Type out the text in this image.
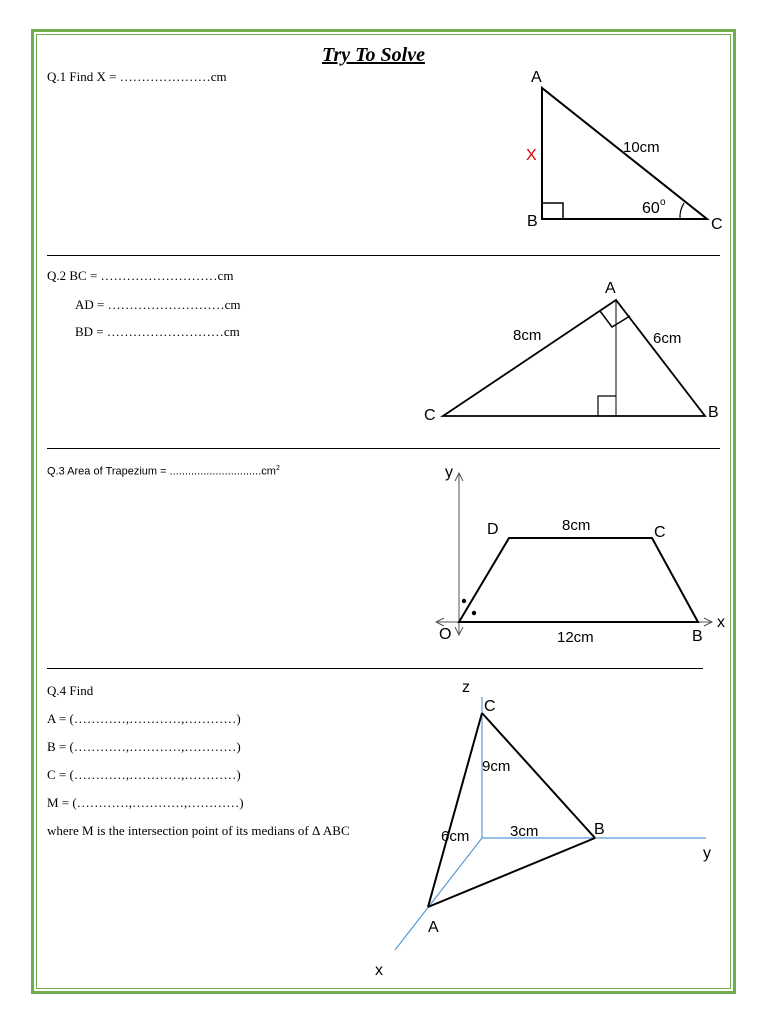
Try To Solve
Q.1 Find X = …………………cm	A
B	C
X	10cm
60 o
Q.2 BC = ………………………cm
AD = ………………………cm
BD = ………………………cm
A
B
C
8cm	6cm
Q.3 Area of Trapezium = $..............................cm^2$	y
x
O	B
C
D	8cm
12cm
Q.4 Find
A = (…………,…………,…………)
B = (…………,…………,…………)
C = (…………,…………,…………)
M = (…………,…………,…………)
where M is the intersection point of its medians of Δ ABC
z
y
x
C
B
A
9cm
3cm
6cm
